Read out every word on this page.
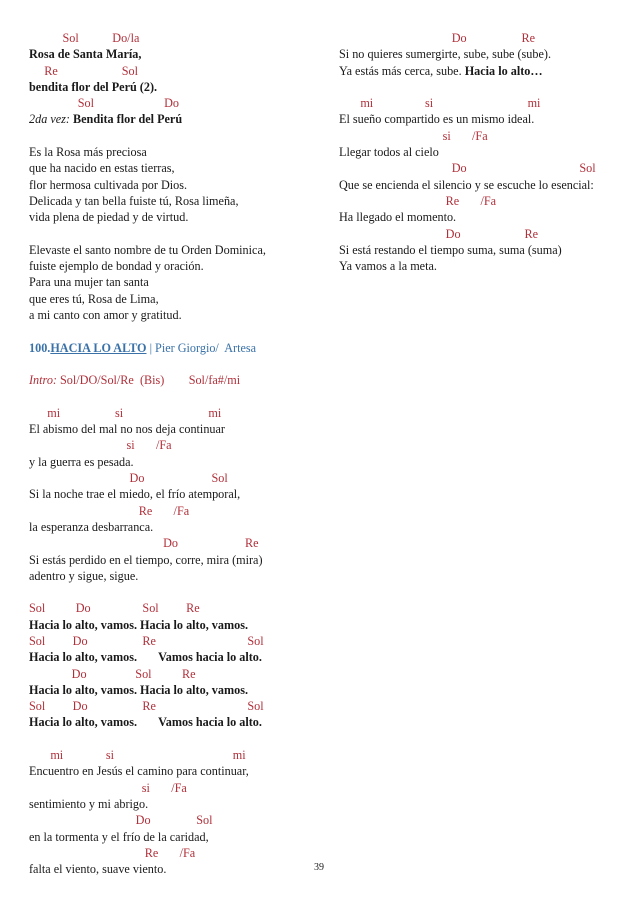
Sol           Do/la
Rosa de Santa María,
Re                     Sol
bendita flor del Perú (2).
Sol                       Do
2da vez: Bendita flor del Perú
Es la Rosa más preciosa
que ha nacido en estas tierras,
flor hermosa cultivada por Dios.
Delicada y tan bella fuiste tú, Rosa limeña,
vida plena de piedad y de virtud.
Elevaste el santo nombre de tu Orden Dominica,
fuiste ejemplo de bondad y oración.
Para una mujer tan santa
que eres tú, Rosa de Lima,
a mi canto con amor y gratitud.
100.HACIA LO ALTO | Pier Giorgio/  Artesa
Intro: Sol/DO/Sol/Re  (Bis)        Sol/fa#/mi
mi                  si                            mi
El abismo del mal no nos deja continuar
si       /Fa
y la guerra es pesada.
Do                      Sol
Si la noche trae el miedo, el frío atemporal,
Re       /Fa
la esperanza desbarranca.
Do                      Re
Si estás perdido en el tiempo, corre, mira (mira)
adentro y sigue, sigue.
Sol          Do                 Sol         Re
Hacia lo alto, vamos. Hacia lo alto, vamos.
Sol         Do                  Re                              Sol
Hacia lo alto, vamos.       Vamos hacia lo alto.
Do                Sol          Re
Hacia lo alto, vamos. Hacia lo alto, vamos.
Sol         Do                  Re                              Sol
Hacia lo alto, vamos.       Vamos hacia lo alto.
mi              si                                       mi
Encuentro en Jesús el camino para continuar,
si       /Fa
sentimiento y mi abrigo.
Do               Sol
en la tormenta y el frío de la caridad,
Re       /Fa
falta el viento, suave viento.
Do                  Re
Si no quieres sumergirte, sube, sube (sube).
Ya estás más cerca, sube. Hacia lo alto…
mi                 si                               mi
El sueño compartido es un mismo ideal.
si       /Fa
Llegar todos al cielo
Do                                     Sol
Que se encienda el silencio y se escuche lo esencial:
Re       /Fa
Ha llegado el momento.
Do                     Re
Si está restando el tiempo suma, suma (suma)
Ya vamos a la meta.
39
